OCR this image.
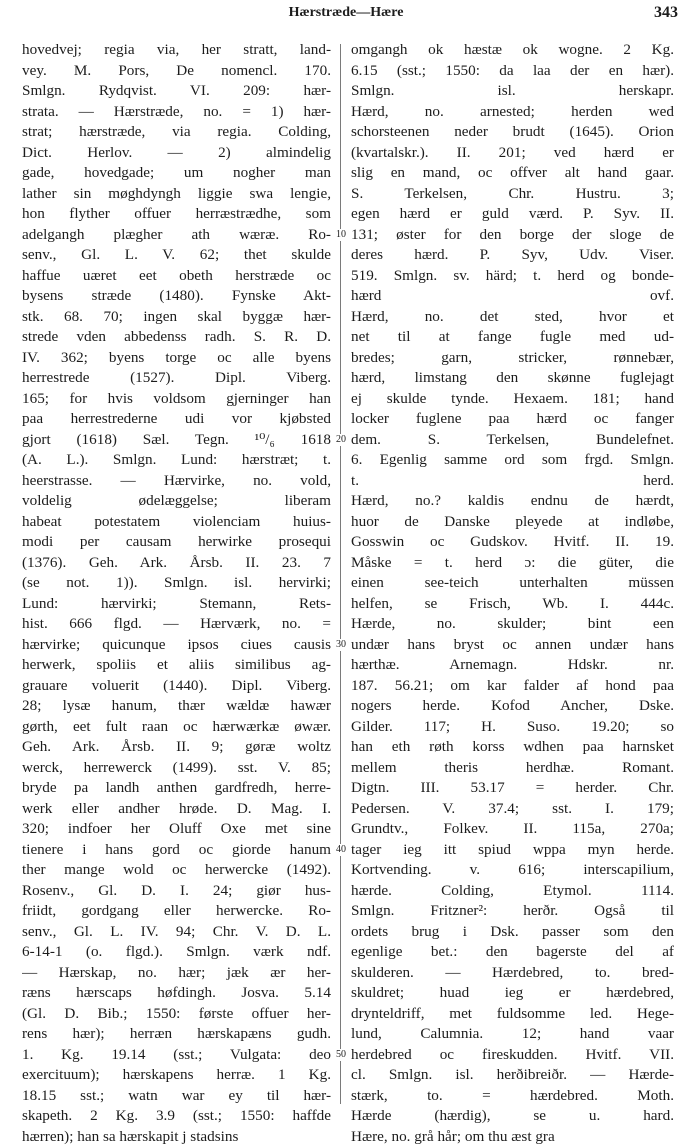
Hærstræde—Hære	343
hovedvej; regia via, her stratt, land-
vey. M. Pors, De nomencl. 170.
Smlgn. Rydqvist. VI. 209: hær-
strata. — Hærstræde, no. = 1) hær-
strat; hærstræde, via regia. Colding,
Dict. Herlov. — 2) almindelig
gade, hovedgade; um nogher man
lather sin møghdyngh liggie swa lengie,
hon flyther offuer herræstrædhe, som
adelgangh plægher ath wæræ. Ro-
senv., Gl. L. V. 62; thet skulde
haffue uæret eet obeth herstræde oc
bysens stræde (1480). Fynske Akt-
stk. 68. 70; ingen skal byggæ hær-
strede vden abbedenss radh. S. R. D.
IV. 362; byens torge oc alle byens
herrestrede (1527). Dipl. Viberg.
165; for hvis voldsom gjerninger han
paa herrestrederne udi vor kjøbsted
gjort (1618) Sæl. Tegn. ¹⁰/₆ 1618
(A. L.). Smlgn. Lund: hærstræt; t.
heerstrasse. — Hærvirke, no. vold,
voldelig ødelæggelse; liberam
habeat potestatem violenciam huius-
modi per causam herwirke prosequi
(1376). Geh. Ark. Årsb. II. 23. 7
(se not. 1)). Smlgn. isl. hervirki;
Lund: hærvirki; Stemann, Rets-
hist. 666 flgd. — Hærværk, no. =
hærvirke; quicunque ipsos ciues causis
herwerk, spoliis et aliis similibus ag-
grauare voluerit (1440). Dipl. Viberg.
28; lysæ hanum, thær wældæ hawær
gørth, eet fult raan oc hærwærkæ øwær.
Geh. Ark. Årsb. II. 9; gøræ woltz
werck, herrewerck (1499). sst. V. 85;
bryde pa landh anthen gardfredh, herre-
werk eller andher hrøde. D. Mag. I.
320; indfoer her Oluff Oxe met sine
tienere i hans gord oc giorde hanum
ther mange wold oc herwercke (1492).
Rosenv., Gl. D. I. 24; giør hus-
friidt, gordgang eller herwercke. Ro-
senv., Gl. L. IV. 94; Chr. V. D. L.
6-14-1 (o. flgd.). Smlgn. værk ndf.
— Hærskap, no. hær; jæk ær her-
ræns hærscaps høfdingh. Josva. 5.14
(Gl. D. Bib.; 1550: første offuer her-
rens hær); herræn hærskapæns gudh.
1. Kg. 19.14 (sst.; Vulgata: deo
exercituum); hærskapens herræ. 1 Kg.
18.15 sst.; watn war ey til hær-
skapeth. 2 Kg. 3.9 (sst.; 1550: haffde
hærren); han sa hærskapit j stadsins
omgangh ok hæstæ ok wogne. 2 Kg.
6.15 (sst.; 1550: da laa der en hær).
Smlgn. isl. herskapr.
Hærd, no. arnested; herden wed
schorsteenen neder brudt (1645). Orion
(kvartalskr.). II. 201; ved hærd er
slig en mand, oc offver alt hand gaar.
S. Terkelsen, Chr. Hustru. 3;
egen hærd er guld værd. P. Syv. II.
131; øster for den borge der sloge de
deres hærd. P. Syv, Udv. Viser.
519. Smlgn. sv. härd; t. herd og bonde-
hærd ovf.
Hærd, no. det sted, hvor et
net til at fange fugle med ud-
bredes; garn, stricker, rønnebær,
hærd, limstang den skønne fuglejagt
ej skulde tynde. Hexaem. 181; hand
locker fuglene paa hærd oc fanger
dem. S. Terkelsen, Bundelefnet.
6. Egenlig samme ord som frgd. Smlgn.
t. herd.
Hærd, no.? kaldis endnu de hærdt,
huor de Danske pleyede at indløbe,
Gosswin oc Gudskov. Hvitf. II. 19.
Måske = t. herd ɔ: die güter, die
einen see-teich unterhalten müssen
helfen, se Frisch, Wb. I. 444c.
Hærde, no. skulder; bint een
undær hans bryst oc annen undær hans
hærthæ. Arnemagn. Hdskr. nr.
187. 56.21; om kar falder af hond paa
nogers herde. Kofod Ancher, Dske.
Gilder. 117; H. Suso. 19.20; so
han eth røth korss wdhen paa harnsket
mellem theris herdhæ. Romant.
Digtn. III. 53.17 = herder. Chr.
Pedersen. V. 37.4; sst. I. 179;
Grundtv., Folkev. II. 115a, 270a;
tager ieg itt spiud wppa myn herde.
Kortvending. v. 616; interscapilium,
hærde. Colding, Etymol. 1114.
Smlgn. Fritzner²: herðr. Også til
ordets brug i Dsk. passer som den
egenlige bet.: den bagerste del af
skulderen. — Hærdebred, to. bred-
skuldret; huad ieg er hærdebred,
drynteldriff, met fuldsomme led. Hege-
lund, Calumnia. 12; hand vaar
herdebred oc fireskudden. Hvitf. VII.
cl. Smlgn. isl. herðibreiðr. — Hærde-
stærk, to. = hærdebred. Moth.
Hærde (hærdig), se u. hard.
Hære, no. grå hår; om thu æst gra
10
20
30
40
50
